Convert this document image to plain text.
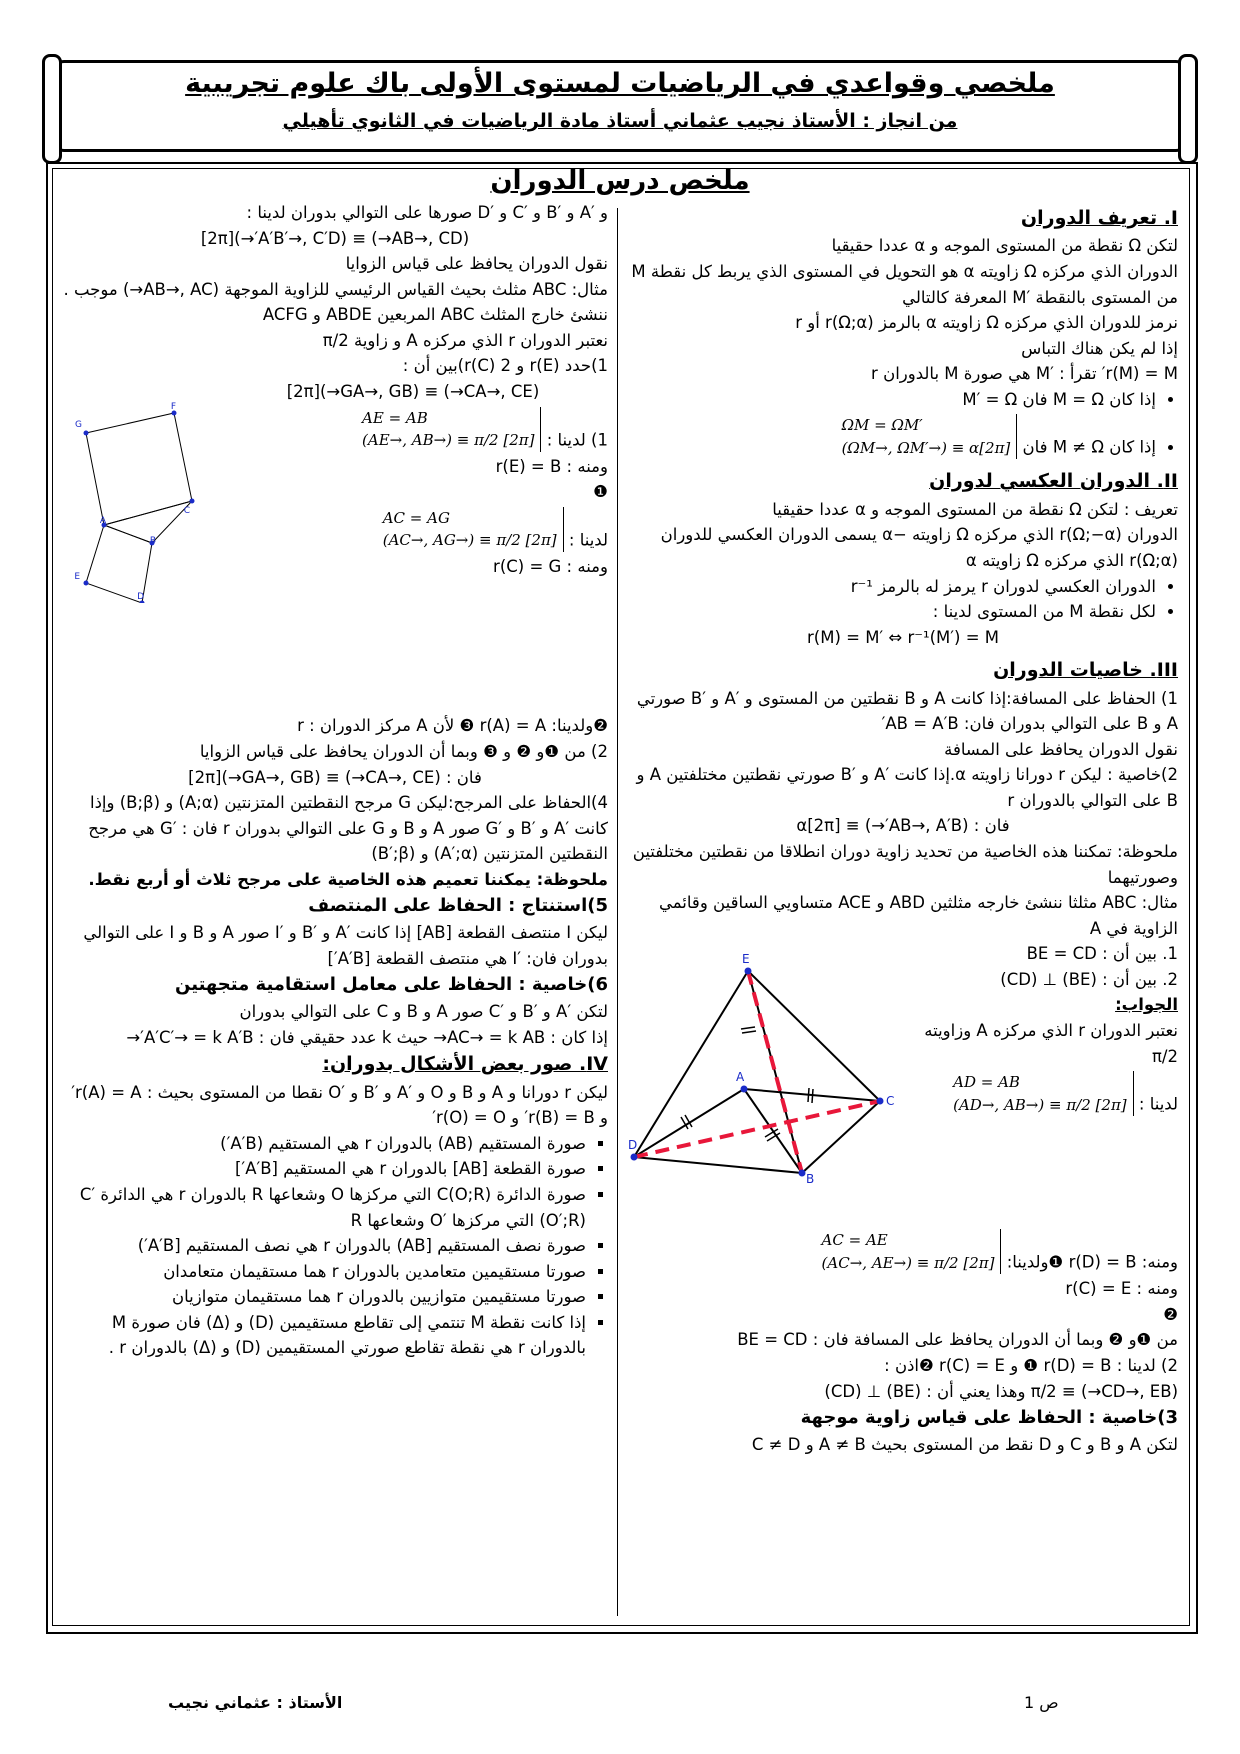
ملخصي وقواعدي في الرياضيات لمستوى الأولى باك علوم تجريبية
من انجاز : الأستاذ نجيب عثماني أستاذ مادة الرياضيات في الثانوي تأهيلي
ملخص درس الدوران

I. تعريف الدوران

لتكن Ω نقطة من المستوى الموجه و α عددا حقيقيا

الدوران الذي مركزه Ω زاويته α هو التحويل في المستوى الذي يربط كل نقطة M من المستوى بالنقطة ′M المعرفة كالتالي

نرمز للدوران الذي مركزه Ω زاويته α بالرمز r(Ω;α) أو r

إذا لم يكن هناك التباس

r(M) = M′ تقرأ : ′M هي صورة M بالدوران r

• إذا كان M = Ω فان M′ = Ω
• إذا كان M ≠ Ω فان ΩM = ΩM′
(ΩM→, ΩM′→) ≡ α[2π]

II. الدوران العكسي لدوران

تعريف : لتكن Ω نقطة من المستوى الموجه و α عددا حقيقيا

الدوران r(Ω;−α) الذي مركزه Ω زاويته −α يسمى الدوران العكسي للدوران r(Ω;α) الذي مركزه Ω زاويته α

• الدوران العكسي لدوران r يرمز له بالرمز r⁻¹
• لكل نقطة M من المستوى لدينا :

r(M) = M′ ⇔ r⁻¹(M′) = M

III. خاصيات الدوران

1) الحفاظ على المسافة:إذا كانت A و B نقطتين من المستوى و ′A و ′B صورتي A و B على التوالي بدوران فان: AB = A′B′

نقول الدوران يحافظ على المسافة

2)خاصية : ليكن r دورانا زاويته α.إذا كانت ′A و ′B صورتي نقطتين مختلفتين A و B على التوالي بالدوران r

فان : (AB→, A′B′→) ≡ α[2π]

ملحوظة: تمكننا هذه الخاصية من تحديد زاوية دوران انطلاقا من نقطتين مختلفتين وصورتيهما

مثال: ABC مثلثا ننشئ خارجه مثلثين ABD و ACE متساويي الساقين وقائمي الزاوية في A

1. بين أن : BE = CD

2. بين أن : (BE) ⊥ (CD)

الجواب:

نعتبر الدوران r الذي مركزه A وزاويته π/2

لدينا : AD = AB
(AD→, AB→) ≡ π/2 [2π]

E
A
C
D
B

ومنه: r(D) = B ❶ولدينا: AC = AE
(AC→, AE→) ≡ π/2 [2π]

ومنه : r(C) = E

❷

من ❶و ❷ وبما أن الدوران يحافظ على المسافة فان : BE = CD

2) لدينا : r(D) = B ❶ و r(C) = E ❷اذن :

(CD→, EB→) ≡ π/2 وهذا يعني أن : (BE) ⊥ (CD)

3)خاصية : الحفاظ على قياس زاوية موجهة

لتكن A و B و C و D نقط من المستوى بحيث A ≠ B و C ≠ D

و ′A و ′B و ′C و ′D صورها على التوالي بدوران لدينا :

(AB→, CD→) ≡ (A′B′→, C′D′→)[2π]

نقول الدوران يحافظ على قياس الزوايا

مثال: ABC مثلث بحيث القياس الرئيسي للزاوية الموجهة (AB→, AC→) موجب .

ننشئ خارج المثلث ABC المربعين ABDE و ACFG

نعتبر الدوران r الذي مركزه A و زاوية π/2

1)حدد r(E) و r(C) 2)بين أن :

(CA→, CE→) ≡ (GA→, GB→)[2π]

1) لدينا : AE = AB
(AE→, AB→) ≡ π/2 [2π]

ومنه : r(E) = B

❶

لدينا : AC = AG
(AC→, AG→) ≡ π/2 [2π]

ومنه : r(C) = G

G
F
A
C
B
E
D

❷ولدينا: r(A) = A ❸ لأن A مركز الدوران : r

2) من ❶و ❷ و ❸ وبما أن الدوران يحافظ على قياس الزوايا

فان : (CA→, CE→) ≡ (GA→, GB→)[2π]

4)الحفاظ على المرجح:ليكن G مرجح النقطتين المتزنتين (A;α) و (B;β) وإذا كانت ′A و ′B و ′G صور A و B و G على التوالي بدوران r فان : ′G هي مرجح النقطتين المتزنتين (A′;α) و (B′;β)

ملحوظة: يمكننا تعميم هذه الخاصية على مرجح ثلاث أو أربع نقط.

5)استنتاج : الحفاظ على المنتصف

ليكن I منتصف القطعة [AB] إذا كانت ′A و ′B و ′I صور A و B و I على التوالي بدوران فان: ′I هي منتصف القطعة [A′B′]

6)خاصية : الحفاظ على معامل استقامية متجهتين

لتكن ′A و ′B و ′C صور A و B و C على التوالي بدوران

إذا كان : AC→ = k AB→ حيث k عدد حقيقي فان : A′C′→ = k A′B′→

IV. صور بعض الأشكال بدوران:

ليكن r دورانا و A و B و O و ′A و ′B و ′O نقطا من المستوى بحيث : r(A) = A′ و r(B) = B′ و r(O) = O′

▪ صورة المستقيم (AB) بالدوران r هي المستقيم (A′B′)
▪ صورة القطعة [AB] بالدوران r هي المستقيم [A′B′]
▪ صورة الدائرة C(O;R) التي مركزها O وشعاعها R بالدوران r هي الدائرة C′(O′;R) التي مركزها ′O وشعاعها R
▪ صورة نصف المستقيم [AB) بالدوران r هي نصف المستقيم [A′B′)
▪ صورتا مستقيمين متعامدين بالدوران r هما مستقيمان متعامدان
▪ صورتا مستقيمين متوازيين بالدوران r هما مستقيمان متوازيان
▪ إذا كانت نقطة M تنتمي إلى تقاطع مستقيمين (D) و (Δ) فان صورة M بالدوران r هي نقطة تقاطع صورتي المستقيمين (D) و (Δ) بالدوران r .
الأستاذ : عثماني نجيب	ص 1
